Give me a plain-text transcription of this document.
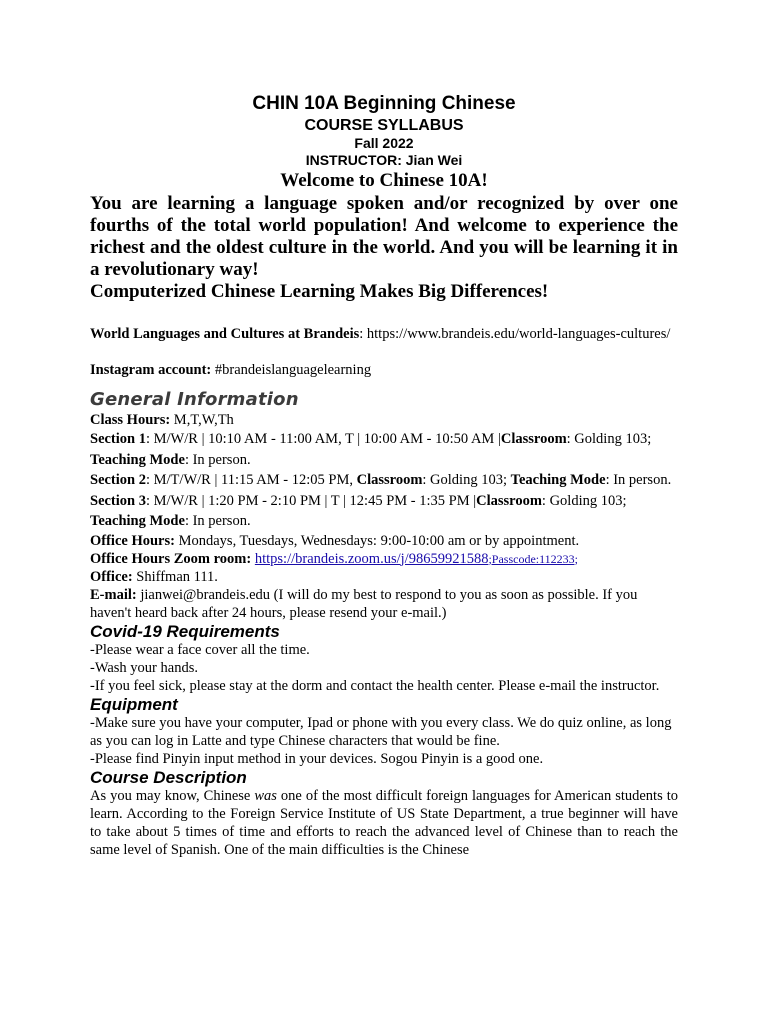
CHIN 10A Beginning Chinese
COURSE SYLLABUS
Fall 2022
INSTRUCTOR: Jian Wei
Welcome to Chinese 10A!
You are learning a language spoken and/or recognized by over one fourths of the total world population! And welcome to experience the richest and the oldest culture in the world. And you will be learning it in a revolutionary way!
Computerized Chinese Learning Makes Big Differences!
World Languages and Cultures at Brandeis: https://www.brandeis.edu/world-languages-cultures/
Instagram account: #brandeislanguagelearning
General Information
Class Hours: M,T,W,Th
Section 1: M/W/R | 10:10 AM - 11:00 AM, T | 10:00 AM - 10:50 AM |Classroom: Golding 103; Teaching Mode: In person.
Section 2: M/T/W/R | 11:15 AM - 12:05 PM, Classroom: Golding 103; Teaching Mode: In person.
Section 3: M/W/R | 1:20 PM - 2:10 PM | T | 12:45 PM - 1:35 PM |Classroom: Golding 103; Teaching Mode: In person.
Office Hours: Mondays, Tuesdays, Wednesdays: 9:00-10:00 am or by appointment.
Office Hours Zoom room: https://brandeis.zoom.us/j/98659921588;Passcode:112233;
Office: Shiffman 111.
E-mail: jianwei@brandeis.edu (I will do my best to respond to you as soon as possible. If you haven't heard back after 24 hours, please resend your e-mail.)
Covid-19 Requirements
-Please wear a face cover all the time.
-Wash your hands.
-If you feel sick, please stay at the dorm and contact the health center. Please e-mail the instructor.
Equipment
-Make sure you have your computer, Ipad or phone with you every class. We do quiz online, as long as you can log in Latte and type Chinese characters that would be fine.
-Please find Pinyin input method in your devices. Sogou Pinyin is a good one.
Course Description
As you may know, Chinese was one of the most difficult foreign languages for American students to learn. According to the Foreign Service Institute of US State Department, a true beginner will have to take about 5 times of time and efforts to reach the advanced level of Chinese than to reach the same level of Spanish. One of the main difficulties is the Chinese
